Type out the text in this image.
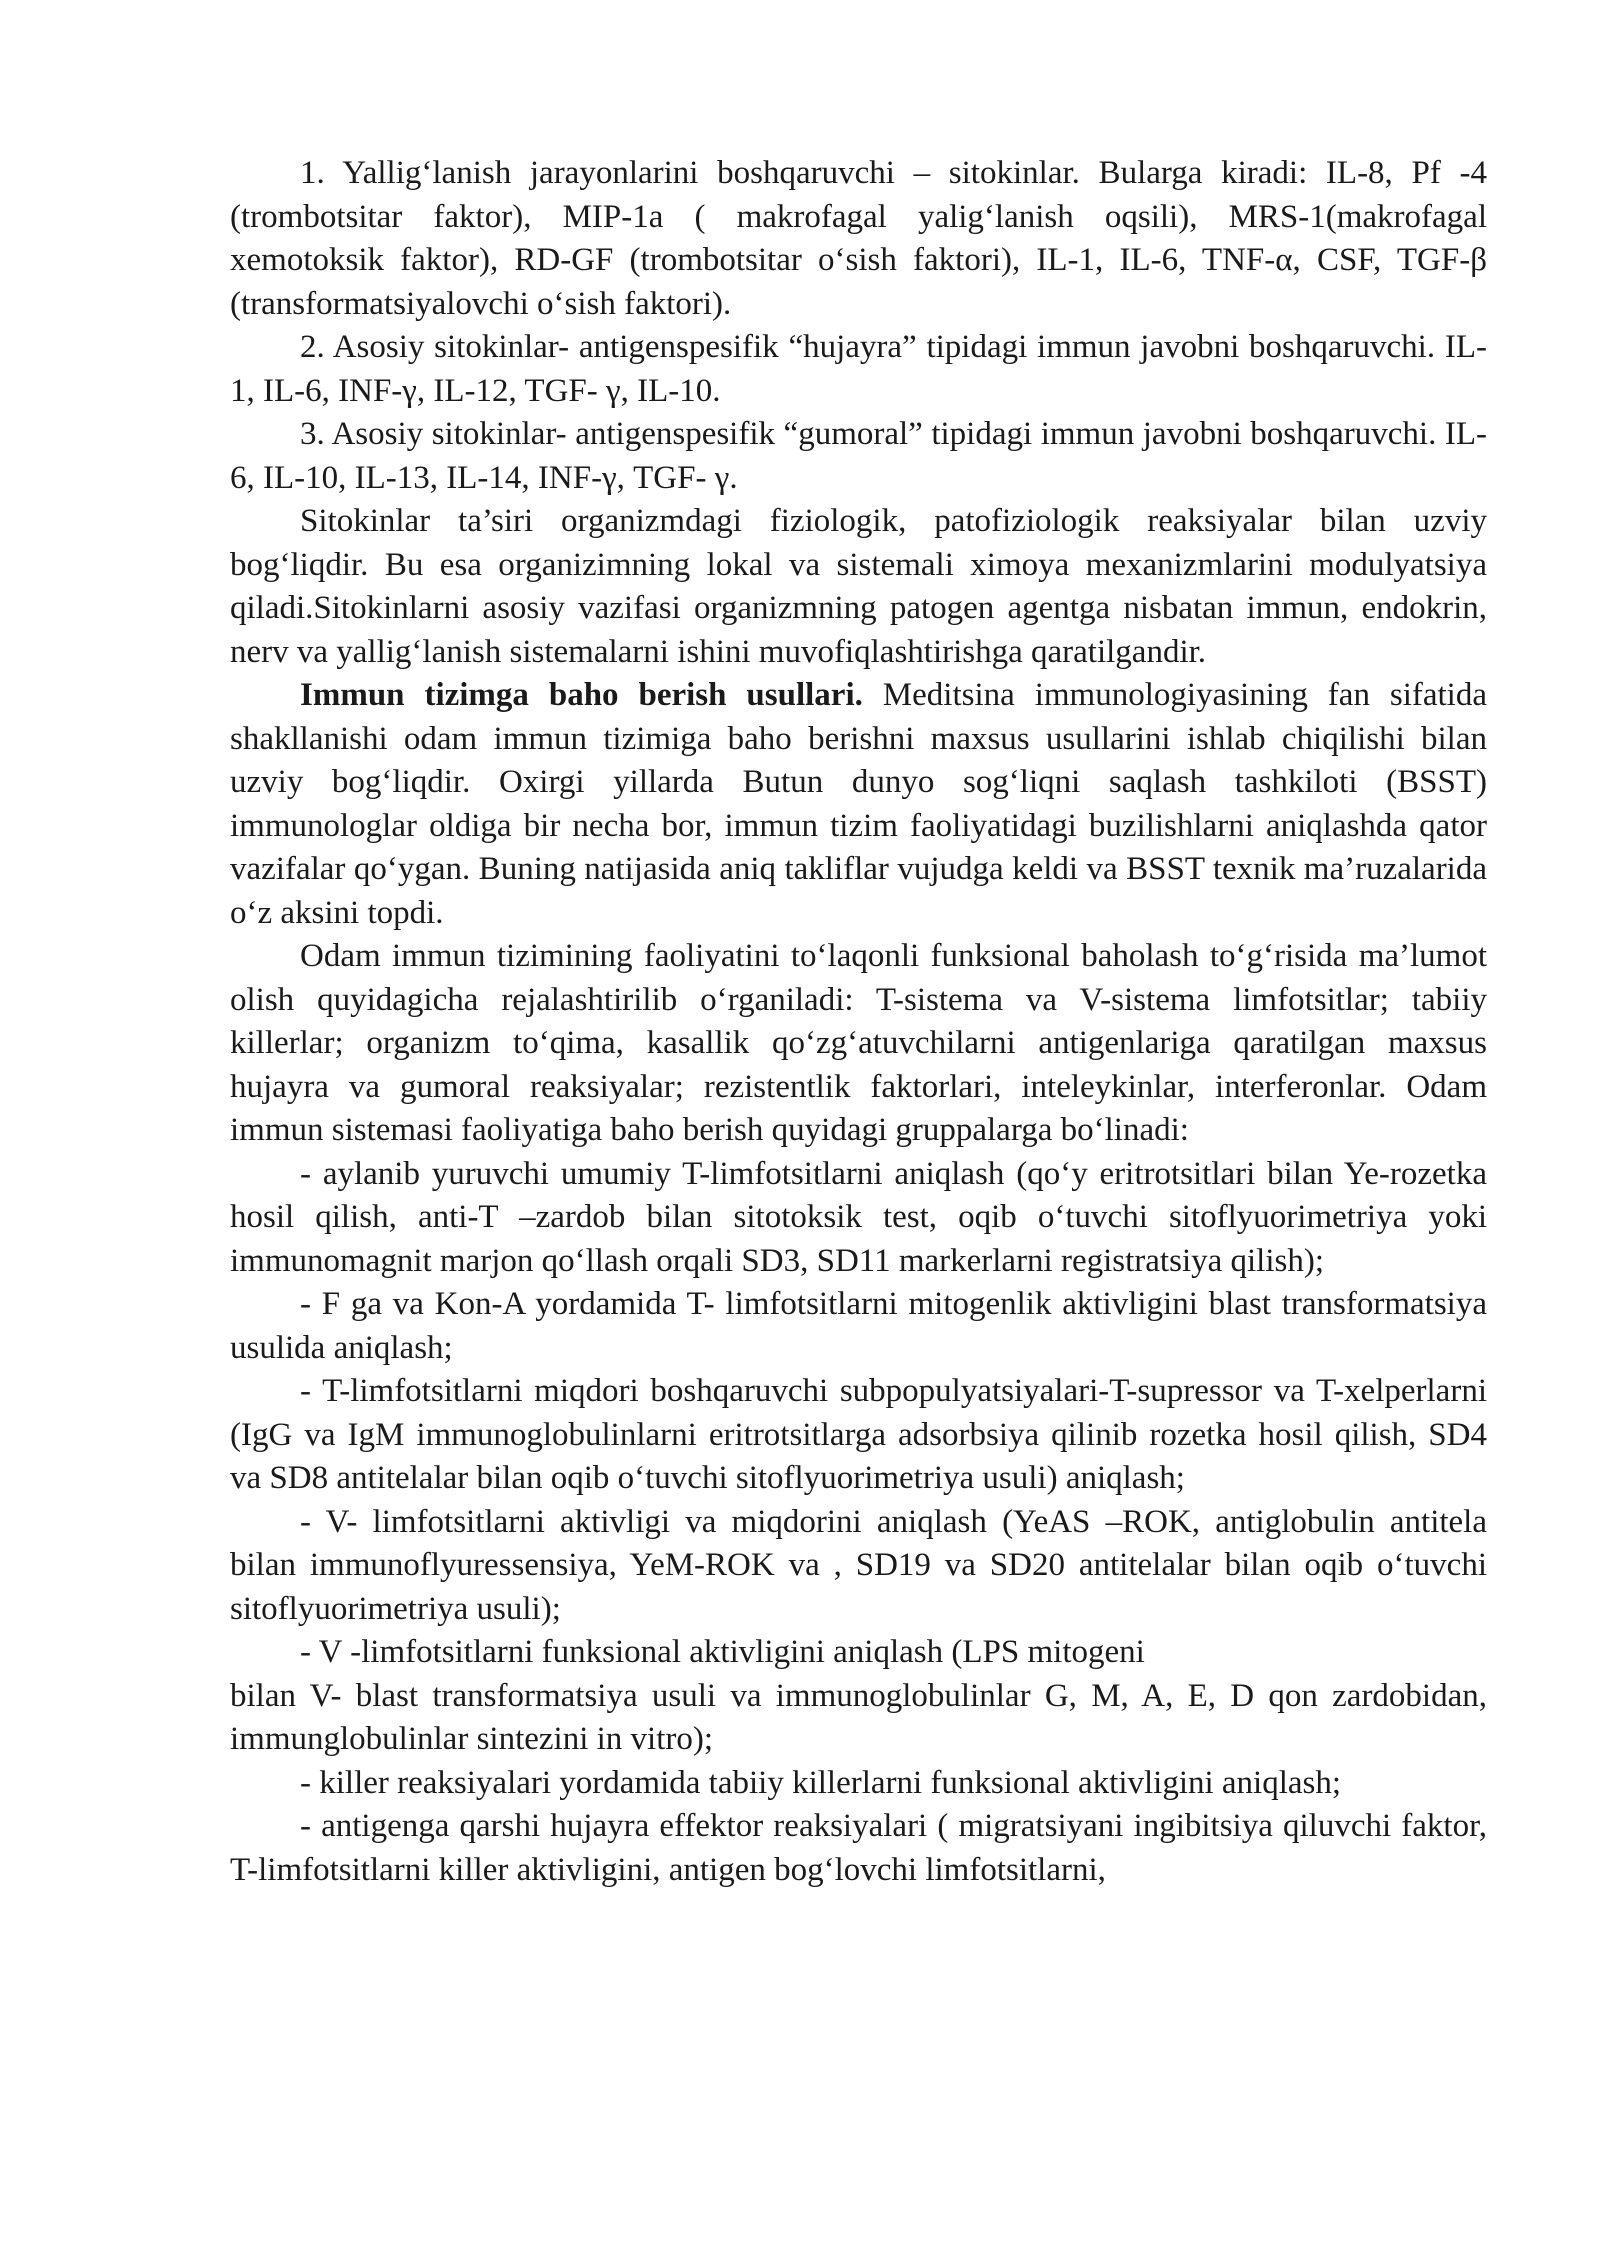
1. Yallig‘lanish jarayonlarini boshqaruvchi – sitokinlar. Bularga kiradi: IL-8, Pf -4 (trombotsitar faktor), MIP-1a ( makrofagal yalig‘lanish oqsili), MRS-1(makrofagal xemotoksik faktor), RD-GF (trombotsitar o‘sish faktori), IL-1, IL-6, TNF-α, CSF, TGF-β (transformatsiyalovchi o‘sish faktori).

2. Asosiy sitokinlar- antigenspesifik “hujayra” tipidagi immun javobni boshqaruvchi. IL-1, IL-6, INF-γ, IL-12, TGF- γ, IL-10.

3. Asosiy sitokinlar- antigenspesifik “gumoral” tipidagi immun javobni boshqaruvchi. IL-6, IL-10, IL-13, IL-14, INF-γ, TGF- γ.

Sitokinlar ta’siri organizmdagi fiziologik, patofiziologik reaksiyalar bilan uzviy bog‘liqdir. Bu esa organizimning lokal va sistemali ximoya mexanizmlarini modulyatsiya qiladi.Sitokinlarni asosiy vazifasi organizmning patogen agentga nisbatan immun, endokrin, nerv va yallig‘lanish sistemalarni ishini muvofiqlashtirishga qaratilgandir.

Immun tizimga baho berish usullari. Meditsina immunologiyasining fan sifatida shakllanishi odam immun tizimiga baho berishni maxsus usullarini ishlab chiqilishi bilan uzviy bog‘liqdir. Oxirgi yillarda Butun dunyo sog‘liqni saqlash tashkiloti (BSST) immunologlar oldiga bir necha bor, immun tizim faoliyatidagi buzilishlarni aniqlashda qator vazifalar qo‘ygan. Buning natijasida aniq takliflar vujudga keldi va BSST texnik ma’ruzalarida o‘z aksini topdi.

Odam immun tizimining faoliyatini to‘laqonli funksional baholash to‘g‘risida ma’lumot olish quyidagicha rejalashtirilib o‘rganiladi: T-sistema va V-sistema limfotsitlar; tabiiy killerlar; organizm to‘qima, kasallik qo‘zg‘atuvchilarni antigenlariga qaratilgan maxsus hujayra va gumoral reaksiyalar; rezistentlik faktorlari, inteleykinlar, interferonlar. Odam immun sistemasi faoliyatiga baho berish quyidagi gruppalarga bo‘linadi:

- aylanib yuruvchi umumiy T-limfotsitlarni aniqlash (qo‘y eritrotsitlari bilan Ye-rozetka hosil qilish, anti-T –zardob bilan sitotoksik test, oqib o‘tuvchi sitoflyuorimetriya yoki immunomagnit marjon qo‘llash orqali SD3, SD11 markerlarni registratsiya qilish);

- F ga va Kon-A yordamida T- limfotsitlarni mitogenlik aktivligini blast transformatsiya usulida aniqlash;

- T-limfotsitlarni miqdori boshqaruvchi subpopulyatsiyalari-T-supressor va T-xelperlarni (IgG va IgM immunoglobulinlarni eritrotsitlarga adsorbsiya qilinib rozetka hosil qilish, SD4 va SD8 antitelalar bilan oqib o‘tuvchi sitoflyuorimetriya usuli) aniqlash;

- V- limfotsitlarni aktivligi va miqdorini aniqlash (YeAS –ROK, antiglobulin antitela bilan immunoflyuressensiya, YeM-ROK va , SD19 va SD20 antitelalar bilan oqib o‘tuvchi sitoflyuorimetriya usuli);

- V -limfotsitlarni funksional aktivligini aniqlash (LPS mitogeni

bilan V- blast transformatsiya usuli va immunoglobulinlar G, M, A, E, D qon zardobidan, immunglobulinlar sintezini in vitro);

- killer reaksiyalari yordamida tabiiy killerlarni funksional aktivligini aniqlash;

- antigenga qarshi hujayra effektor reaksiyalari ( migratsiyani ingibitsiya qiluvchi faktor, T-limfotsitlarni killer aktivligini, antigen bog‘lovchi limfotsitlarni,
